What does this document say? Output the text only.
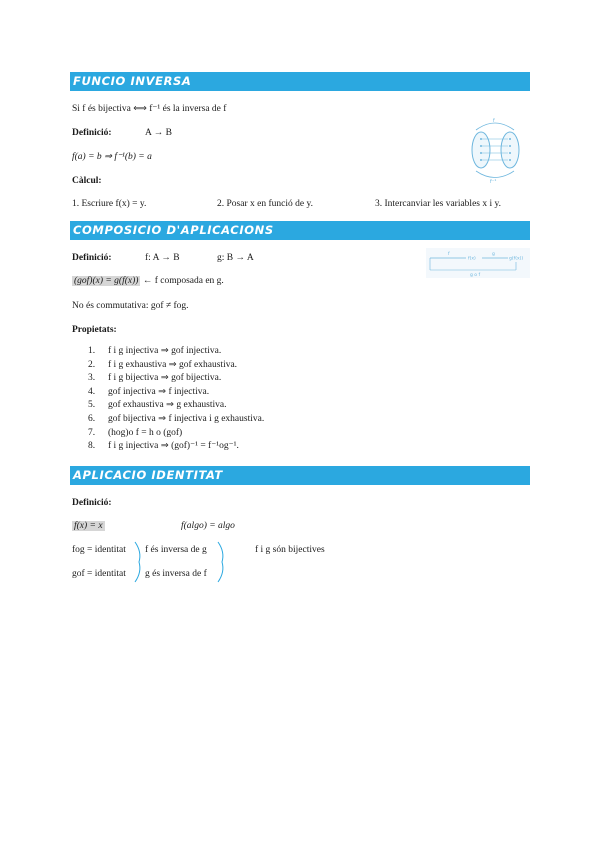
FUNCIO INVERSA
Si f és bijectiva ⟺ f⁻¹ és la inversa de f
Definició:	A → B
f(a) = b ⇒ f⁻¹(b) = a
Càlcul:
1. Escriure f(x) = y.	2. Posar x en funció de y.	3. Intercanviar les variables x i y.
f
f⁻¹
COMPOSICIO D'APLICACIONS
Definició:	f: A → B	g: B → A
(gof)(x) = g(f(x)) ← f composada en g.
No és commutativa: gof ≠ fog.
Propietats:
1. f i g injectiva ⇒ gof injectiva.
2. f i g exhaustiva ⇒ gof exhaustiva.
3. f i g bijectiva ⇒ gof bijectiva.
4. gof injectiva ⇒ f injectiva.
5. gof exhaustiva ⇒ g exhaustiva.
6. gof bijectiva ⇒ f injectiva i g exhaustiva.
7. (hog)o f = h o (gof)
8. f i g injectiva ⇒ (gof)⁻¹ = f⁻¹og⁻¹.
f
f(x)
g
g(f(x))
g o f
APLICACIO IDENTITAT
Definició:
f(x) = x	f(algo) = algo
fog = identitat f és inversa de g	f i g són bijectives
gof = identitat g és inversa de f
